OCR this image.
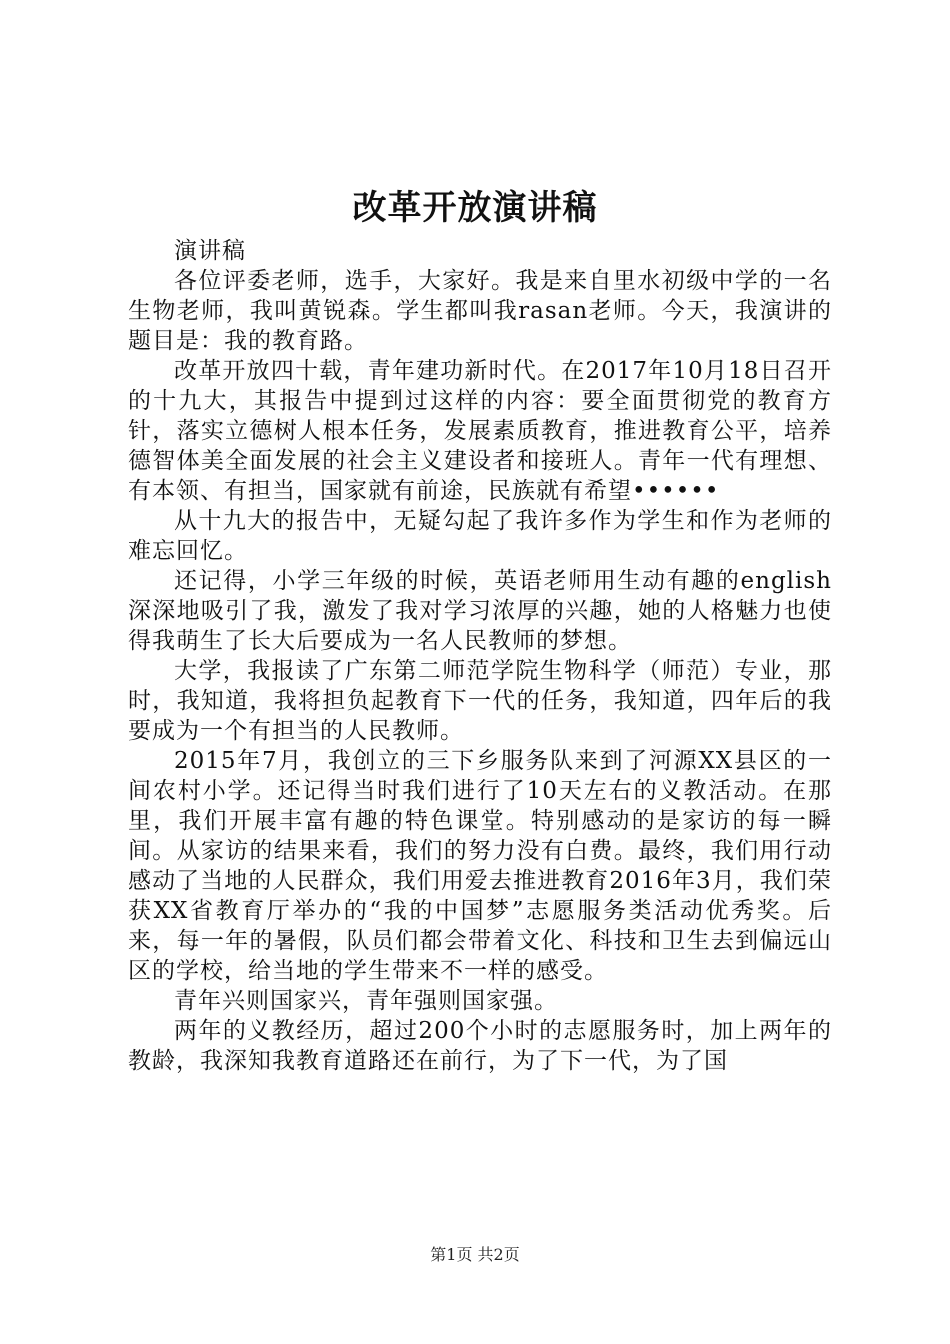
改革开放演讲稿

演讲稿

各位评委老师，选手，大家好。我是来自里水初级中学的一名生物老师，我叫黄锐森。学生都叫我rasan老师。今天，我演讲的题目是：我的教育路。

改革开放四十载，青年建功新时代。在2017年10月18日召开的十九大，其报告中提到过这样的内容：要全面贯彻党的教育方针，落实立德树人根本任务，发展素质教育，推进教育公平，培养德智体美全面发展的社会主义建设者和接班人。青年一代有理想、有本领、有担当，国家就有前途，民族就有希望••••••

从十九大的报告中，无疑勾起了我许多作为学生和作为老师的难忘回忆。

还记得，小学三年级的时候，英语老师用生动有趣的english深深地吸引了我，激发了我对学习浓厚的兴趣，她的人格魅力也使得我萌生了长大后要成为一名人民教师的梦想。

大学，我报读了广东第二师范学院生物科学（师范）专业，那时，我知道，我将担负起教育下一代的任务，我知道，四年后的我要成为一个有担当的人民教师。

2015年7月，我创立的三下乡服务队来到了河源XX县区的一间农村小学。还记得当时我们进行了10天左右的义教活动。在那里，我们开展丰富有趣的特色课堂。特别感动的是家访的每一瞬间。从家访的结果来看，我们的努力没有白费。最终，我们用行动感动了当地的人民群众，我们用爱去推进教育2016年3月，我们荣获XX省教育厅举办的“我的中国梦”志愿服务类活动优秀奖。后来，每一年的暑假，队员们都会带着文化、科技和卫生去到偏远山区的学校，给当地的学生带来不一样的感受。

青年兴则国家兴，青年强则国家强。

两年的义教经历，超过200个小时的志愿服务时，加上两年的教龄，我深知我教育道路还在前行，为了下一代，为了国

第1页 共2页
